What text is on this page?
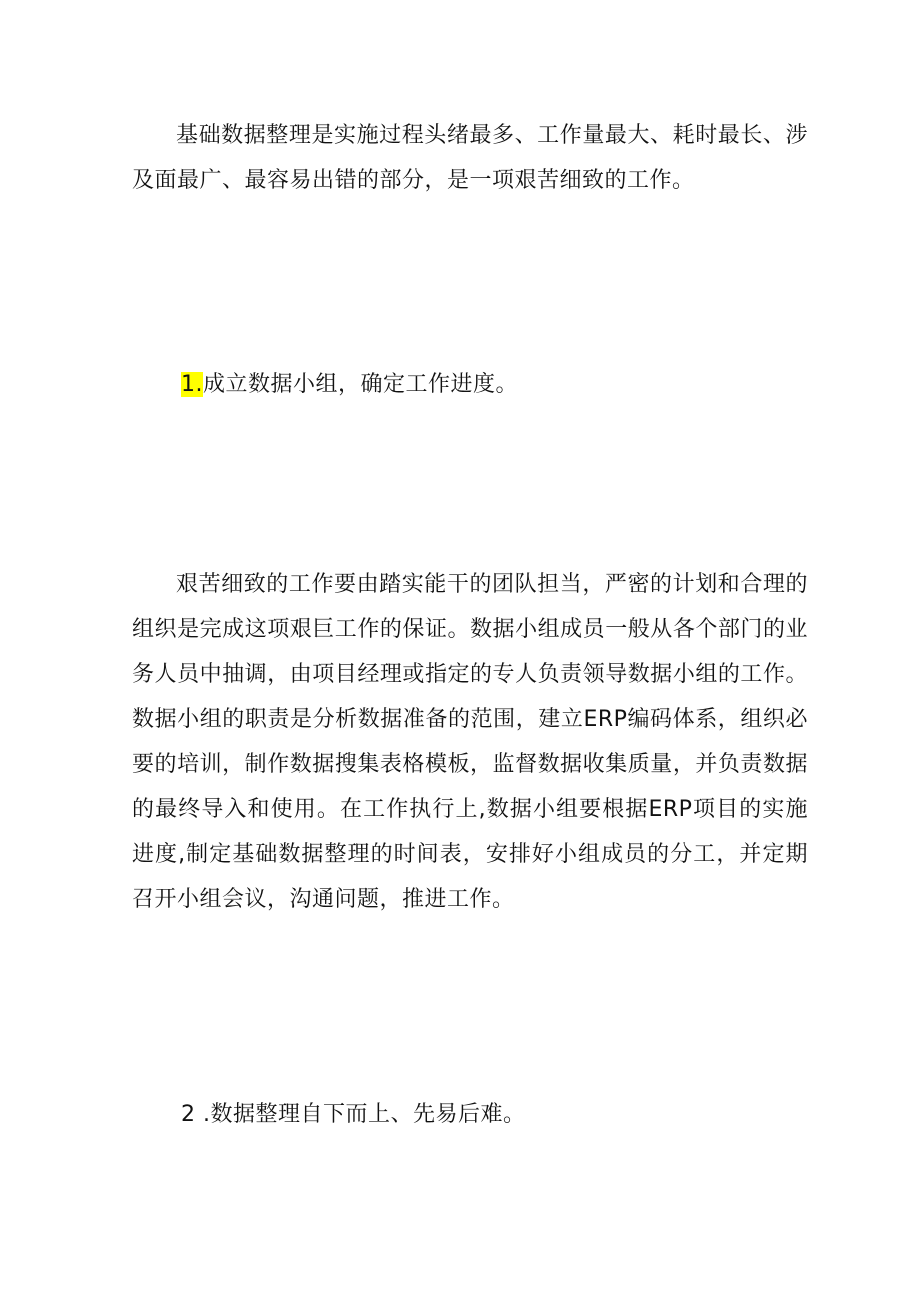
基础数据整理是实施过程头绪最多、工作量最大、耗时最长、涉及面最广、最容易出错的部分，是一项艰苦细致的工作。

1.成立数据小组，确定工作进度。

艰苦细致的工作要由踏实能干的团队担当，严密的计划和合理的组织是完成这项艰巨工作的保证。数据小组成员一般从各个部门的业务人员中抽调，由项目经理或指定的专人负责领导数据小组的工作。数据小组的职责是分析数据准备的范围，建立ERP编码体系，组织必要的培训，制作数据搜集表格模板，监督数据收集质量，并负责数据的最终导入和使用。在工作执行上,数据小组要根据ERP项目的实施进度,制定基础数据整理的时间表，安排好小组成员的分工，并定期召开小组会议，沟通问题，推进工作。

2 .数据整理自下而上、先易后难。
